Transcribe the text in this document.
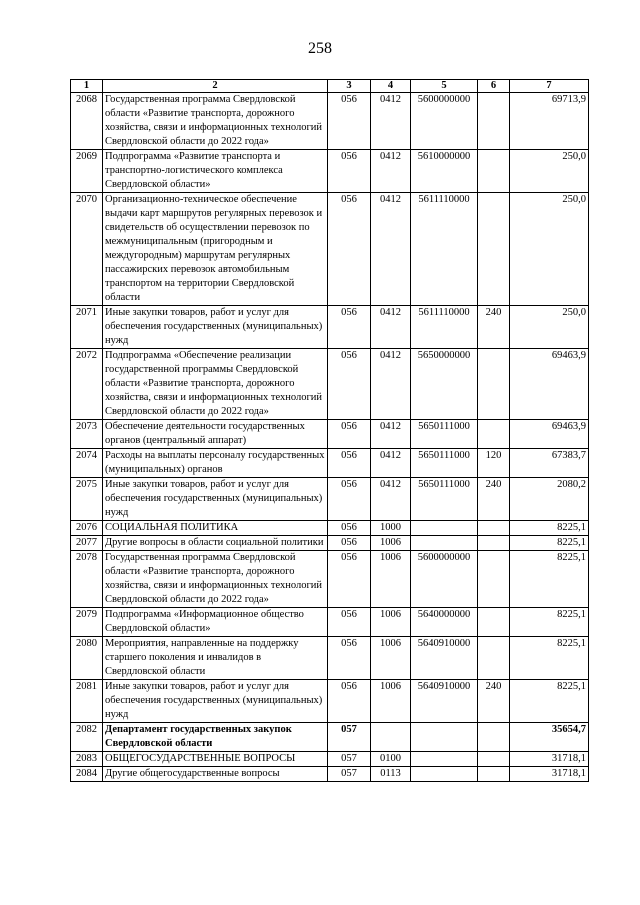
258
1	2	3	4	5	6	7
2068	Государственная программа Свердловской области «Развитие транспорта, дорожного хозяйства, связи и информационных технологий Свердловской области до 2022 года»	056	0412	5600000000		69713,9
2069	Подпрограмма «Развитие транспорта и транспортно-логистического комплекса Свердловской области»	056	0412	5610000000		250,0
2070	Организационно-техническое обеспечение выдачи карт маршрутов регулярных перевозок и свидетельств об осуществлении перевозок по межмуниципальным (пригородным и междугородным) маршрутам регулярных пассажирских перевозок автомобильным транспортом на территории Свердловской области	056	0412	5611110000		250,0
2071	Иные закупки товаров, работ и услуг для обеспечения государственных (муниципальных) нужд	056	0412	5611110000	240	250,0
2072	Подпрограмма «Обеспечение реализации государственной программы Свердловской области «Развитие транспорта, дорожного хозяйства, связи и информационных технологий Свердловской области до 2022 года»	056	0412	5650000000		69463,9
2073	Обеспечение деятельности государственных органов (центральный аппарат)	056	0412	5650111000		69463,9
2074	Расходы на выплаты персоналу государственных (муниципальных) органов	056	0412	5650111000	120	67383,7
2075	Иные закупки товаров, работ и услуг для обеспечения государственных (муниципальных) нужд	056	0412	5650111000	240	2080,2
2076	СОЦИАЛЬНАЯ ПОЛИТИКА	056	1000			8225,1
2077	Другие вопросы в области социальной политики	056	1006			8225,1
2078	Государственная программа Свердловской области «Развитие транспорта, дорожного хозяйства, связи и информационных технологий Свердловской области до 2022 года»	056	1006	5600000000		8225,1
2079	Подпрограмма «Информационное общество Свердловской области»	056	1006	5640000000		8225,1
2080	Мероприятия, направленные на поддержку старшего поколения и инвалидов в Свердловской области	056	1006	5640910000		8225,1
2081	Иные закупки товаров, работ и услуг для обеспечения государственных (муниципальных) нужд	056	1006	5640910000	240	8225,1
2082	Департамент государственных закупок Свердловской области	057				35654,7
2083	ОБЩЕГОСУДАРСТВЕННЫЕ ВОПРОСЫ	057	0100			31718,1
2084	Другие общегосударственные вопросы	057	0113			31718,1
